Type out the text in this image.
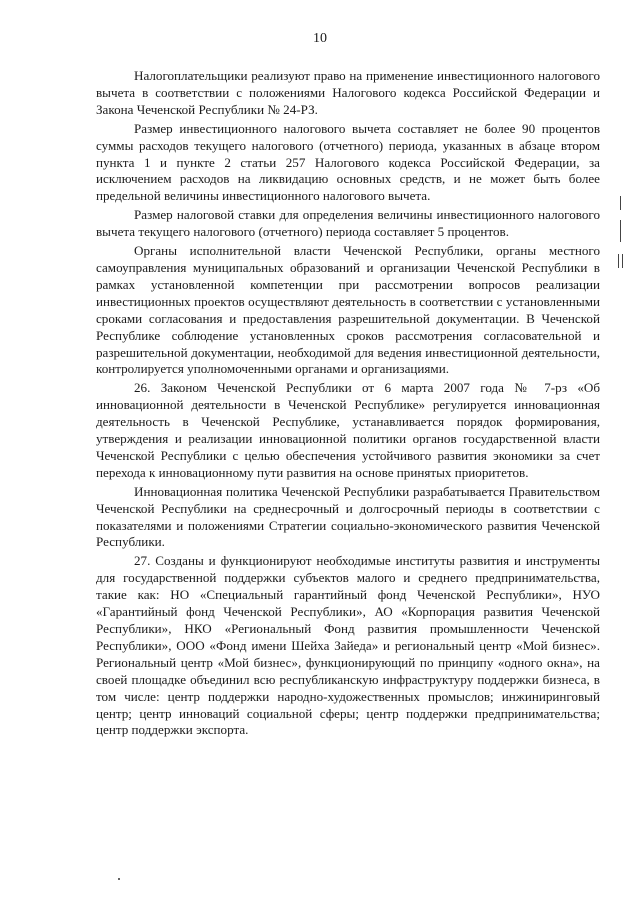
10

Налогоплательщики реализуют право на применение инвестиционного налогового вычета в соответствии с положениями Налогового кодекса Российской Федерации и Закона Чеченской Республики № 24-РЗ.

Размер инвестиционного налогового вычета составляет не более 90 процентов суммы расходов текущего налогового (отчетного) периода, указанных в абзаце втором пункта 1 и пункте 2 статьи 257 Налогового кодекса Российской Федерации, за исключением расходов на ликвидацию основных средств, и не может быть более предельной величины инвестиционного налогового вычета.

Размер налоговой ставки для определения величины инвестиционного налогового вычета текущего налогового (отчетного) периода составляет 5 процентов.

Органы исполнительной власти Чеченской Республики, органы местного самоуправления муниципальных образований и организации Чеченской Республики в рамках установленной компетенции при рассмотрении вопросов реализации инвестиционных проектов осуществляют деятельность в соответствии с установленными сроками согласования и предоставления разрешительной документации. В Чеченской Республике соблюдение установленных сроков рассмотрения согласовательной и разрешительной документации, необходимой для ведения инвестиционной деятельности, контролируется уполномоченными органами и организациями.

26. Законом Чеченской Республики от 6 марта 2007 года № 7-рз «Об инновационной деятельности в Чеченской Республике» регулируется инновационная деятельность в Чеченской Республике, устанавливается порядок формирования, утверждения и реализации инновационной политики органов государственной власти Чеченской Республики с целью обеспечения устойчивого развития экономики за счет перехода к инновационному пути развития на основе принятых приоритетов.

Инновационная политика Чеченской Республики разрабатывается Правительством Чеченской Республики на среднесрочный и долгосрочный периоды в соответствии с показателями и положениями Стратегии социально-экономического развития Чеченской Республики.

27. Созданы и функционируют необходимые институты развития и инструменты для государственной поддержки субъектов малого и среднего предпринимательства, такие как: НО «Специальный гарантийный фонд Чеченской Республики», НУО «Гарантийный фонд Чеченской Республики», АО «Корпорация развития Чеченской Республики», НКО «Региональный Фонд развития промышленности Чеченской Республики», ООО «Фонд имени Шейха Зайеда» и региональный центр «Мой бизнес». Региональный центр «Мой бизнес», функционирующий по принципу «одного окна», на своей площадке объединил всю республиканскую инфраструктуру поддержки бизнеса, в том числе: центр поддержки народно-художественных промыслов; инжиниринговый центр; центр инноваций социальной сферы; центр поддержки предпринимательства; центр поддержки экспорта.
